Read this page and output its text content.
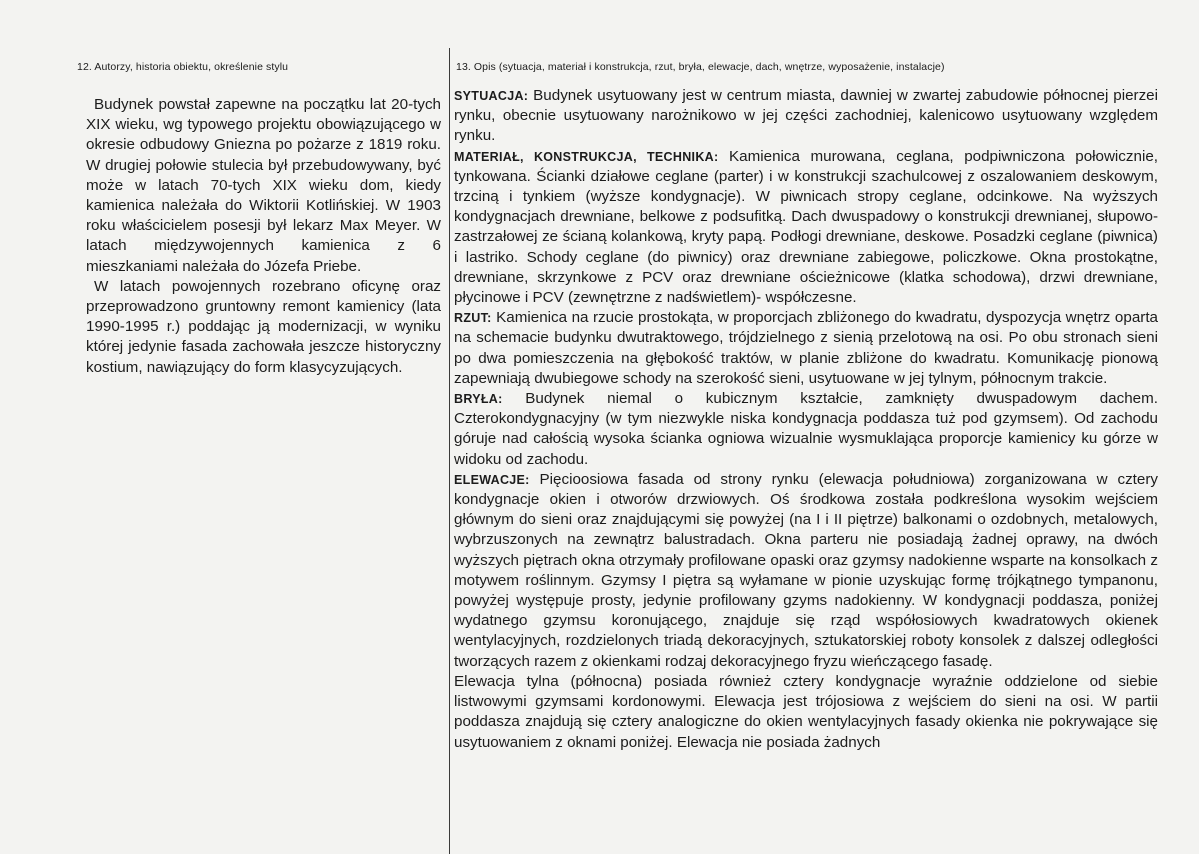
12. Autorzy, historia obiektu, określenie stylu	13. Opis (sytuacja, materiał i konstrukcja, rzut, bryła, elewacje, dach, wnętrze, wyposażenie, instalacje)

Budynek powstał zapewne na początku lat 20-tych XIX wieku, wg typowego projektu obowiązującego w okresie odbudowy Gniezna po pożarze z 1819 roku. W drugiej połowie stulecia był przebudowywany, być może w latach 70-tych XIX wieku dom, kiedy kamienica należała do Wiktorii Kotlińskiej. W 1903 roku właścicielem posesji był lekarz Max Meyer. W latach międzywojennych kamienica z 6 mieszkaniami należała do Józefa Priebe.

W latach powojennych rozebrano oficynę oraz przeprowadzono gruntowny remont kamienicy (lata 1990-1995 r.) poddając ją modernizacji, w wyniku której jedynie fasada zachowała jeszcze historyczny kostium, nawiązujący do form klasycyzujących.

SYTUACJA: Budynek usytuowany jest w centrum miasta, dawniej w zwartej zabudowie północnej pierzei rynku, obecnie usytuowany narożnikowo w jej części zachodniej, kalenicowo usytuowany względem rynku.

MATERIAŁ, KONSTRUKCJA, TECHNIKA: Kamienica murowana, ceglana, podpiwniczona połowicznie, tynkowana. Ścianki działowe ceglane (parter) i w konstrukcji szachulcowej z oszalowaniem deskowym, trzciną i tynkiem (wyższe kondygnacje). W piwnicach stropy ceglane, odcinkowe. Na wyższych kondygnacjach drewniane, belkowe z podsufitką. Dach dwuspadowy o konstrukcji drewnianej, słupowo-zastrzałowej ze ścianą kolankową, kryty papą. Podłogi drewniane, deskowe. Posadzki ceglane (piwnica) i lastriko. Schody ceglane (do piwnicy) oraz drewniane zabiegowe, policzkowe. Okna prostokątne, drewniane, skrzynkowe z PCV oraz drewniane ościeżnicowe (klatka schodowa), drzwi drewniane, płycinowe i PCV (zewnętrzne z nadświetlem)- współczesne.

RZUT: Kamienica na rzucie prostokąta, w proporcjach zbliżonego do kwadratu, dyspozycja wnętrz oparta na schemacie budynku dwutraktowego, trójdzielnego z sienią przelotową na osi. Po obu stronach sieni po dwa pomieszczenia na głębokość traktów, w planie zbliżone do kwadratu. Komunikację pionową zapewniają dwubiegowe schody na szerokość sieni, usytuowane w jej tylnym, północnym trakcie.

BRYŁA: Budynek niemal o kubicznym kształcie, zamknięty dwuspadowym dachem. Czterokondygnacyjny (w tym niezwykle niska kondygnacja poddasza tuż pod gzymsem). Od zachodu góruje nad całością wysoka ścianka ogniowa wizualnie wysmuklająca proporcje kamienicy ku górze w widoku od zachodu.

ELEWACJE: Pięcioosiowa fasada od strony rynku (elewacja południowa) zorganizowana w cztery kondygnacje okien i otworów drzwiowych. Oś środkowa została podkreślona wysokim wejściem głównym do sieni oraz znajdującymi się powyżej (na I i II piętrze) balkonami o ozdobnych, metalowych, wybrzuszonych na zewnątrz balustradach. Okna parteru nie posiadają żadnej oprawy, na dwóch wyższych piętrach okna otrzymały profilowane opaski oraz gzymsy nadokienne wsparte na konsolkach z motywem roślinnym. Gzymsy I piętra są wyłamane w pionie uzyskując formę trójkątnego tympanonu, powyżej występuje prosty, jedynie profilowany gzyms nadokienny. W kondygnacji poddasza, poniżej wydatnego gzymsu koronującego, znajduje się rząd współosiowych kwadratowych okienek wentylacyjnych, rozdzielonych triadą dekoracyjnych, sztukatorskiej roboty konsolek z dalszej odległości tworzących razem z okienkami rodzaj dekoracyjnego fryzu wieńczącego fasadę.

Elewacja tylna (północna) posiada również cztery kondygnacje wyraźnie oddzielone od siebie listwowymi gzymsami kordonowymi. Elewacja jest trójosiowa z wejściem do sieni na osi. W partii poddasza znajdują się cztery analogiczne do okien wentylacyjnych fasady okienka nie pokrywające się usytuowaniem z oknami poniżej. Elewacja nie posiada żadnych
